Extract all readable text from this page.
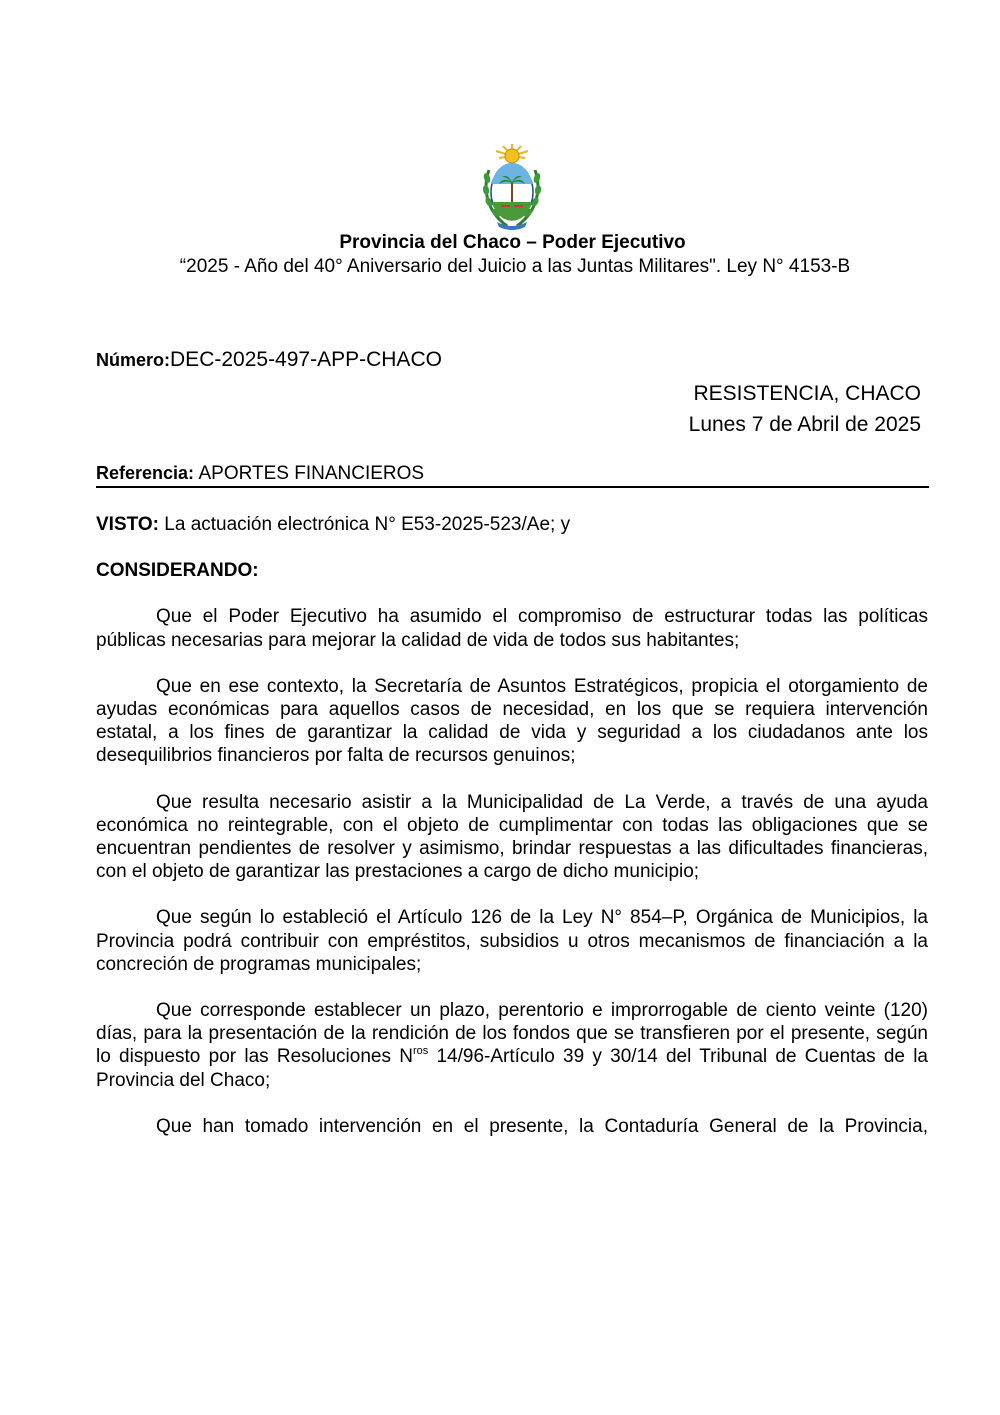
Provincia del Chaco – Poder Ejecutivo
“2025 - Año del 40° Aniversario del Juicio a las Juntas Militares". Ley N° 4153-B
Número:DEC-2025-497-APP-CHACO
RESISTENCIA, CHACO
Lunes 7 de Abril de 2025
Referencia: APORTES FINANCIEROS

VISTO: La actuación electrónica N° E53-2025-523/Ae; y

CONSIDERANDO:

Que el Poder Ejecutivo ha asumido el compromiso de estructurar todas las políticas públicas necesarias para mejorar la calidad de vida de todos sus habitantes;

Que en ese contexto, la Secretaría de Asuntos Estratégicos, propicia el otorgamiento de ayudas económicas para aquellos casos de necesidad, en los que se requiera intervención estatal, a los fines de garantizar la calidad de vida y seguridad a los ciudadanos ante los desequilibrios financieros por falta de recursos genuinos;

Que resulta necesario asistir a la Municipalidad de La Verde, a través de una ayuda económica no reintegrable, con el objeto de cumplimentar con todas las obligaciones que se encuentran pendientes de resolver y asimismo, brindar respuestas a las dificultades financieras, con el objeto de garantizar las prestaciones a cargo de dicho municipio;

Que según lo estableció el Artículo 126 de la Ley N° 854–P, Orgánica de Municipios, la Provincia podrá contribuir con empréstitos, subsidios u otros mecanismos de financiación a la concreción de programas municipales;

Que corresponde establecer un plazo, perentorio e improrrogable de ciento veinte (120) días, para la presentación de la rendición de los fondos que se transfieren por el presente, según lo dispuesto por las Resoluciones $N^{ros}$ 14/96-Artículo 39 y 30/14 del Tribunal de Cuentas de la Provincia del Chaco;

Que han tomado intervención en el presente, la Contaduría General de la Provincia,
